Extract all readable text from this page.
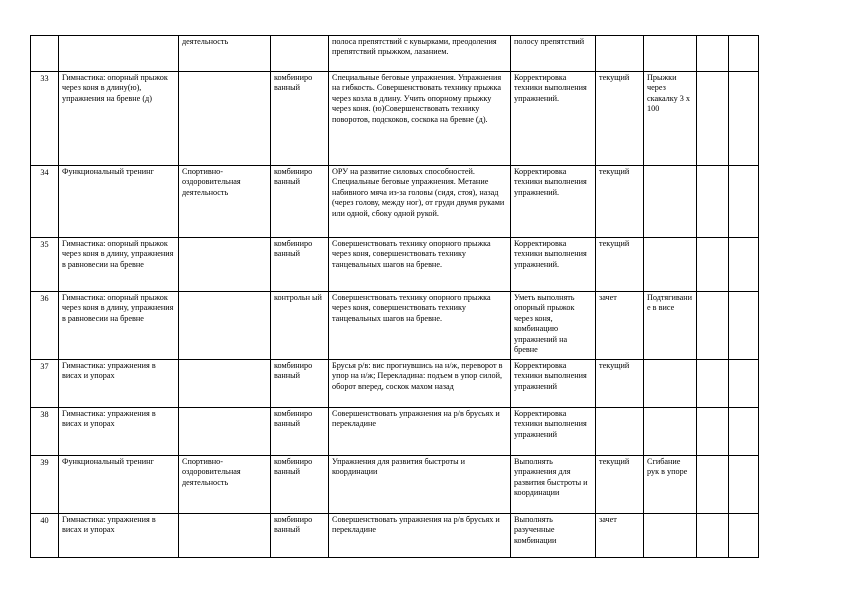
		деятельность		полоса препятствий с кувырками, преодоления препятствий прыжком, лазанием.	полосу препятствий				
33	Гимнастика: опорный прыжок через коня в длину(ю), упражнения на бревне (д)		комбиниро ванный	Специальные беговые упражнения. Упражнения на гибкость. Совершенствовать технику прыжка через козла в длину. Учить опорному прыжку через коня. (ю)Совершенствовать технику поворотов, подскоков, соскока на бревне (д).	Корректировка техники выполнения упражнений.	текущий	Прыжки через скакалку 3 х 100		
34	Функциональный тренинг	Спортивно-оздоровительная деятельность	комбиниро ванный	ОРУ на развитие силовых способностей. Специальные беговые упражнения. Метание набивного мяча из-за головы (сидя, стоя), назад (через голову, между ног), от груди двумя руками или одной, сбоку одной рукой.	Корректировка техники выполнения упражнений.	текущий			
35	Гимнастика: опорный прыжок через коня в длину, упражнения в равновесии на бревне		комбиниро ванный	Совершенствовать технику опорного прыжка через коня, совершенствовать технику танцевальных шагов на бревне.	Корректировка техники выполнения упражнений.	текущий			
36	Гимнастика: опорный прыжок через коня в длину, упражнения в равновесии на бревне		контрольн ый	Совершенствовать технику опорного прыжка через коня, совершенствовать технику танцевальных шагов на бревне.	Уметь выполнять опорный прыжок через коня, комбинацию упражнений на бревне	зачет	Подтягивани е в висе		
37	Гимнастика: упражнения в висах и упорах		комбиниро ванный	Брусья р/в: вис прогнувшись на н/ж, переворот в упор на н/ж; Перекладина: подъем в упор силой, оборот вперед, соскок махом назад	Корректировка техники выполнения упражнений	текущий			
38	Гимнастика: упражнения в висах и упорах		комбиниро ванный	Совершенствовать упражнения на р/в брусьях и перекладине	Корректировка техники выполнения упражнений				
39	Функциональный тренинг	Спортивно-оздоровительная деятельность	комбиниро ванный	Упражнения для развития быстроты и координации	Выполнять упражнения для развития быстроты и координации	текущий	Сгибание рук в упоре		
40	Гимнастика: упражнения в висах и упорах		комбиниро ванный	Совершенствовать упражнения на р/в брусьях и перекладине	Выполнять разученные комбинации	зачет			
